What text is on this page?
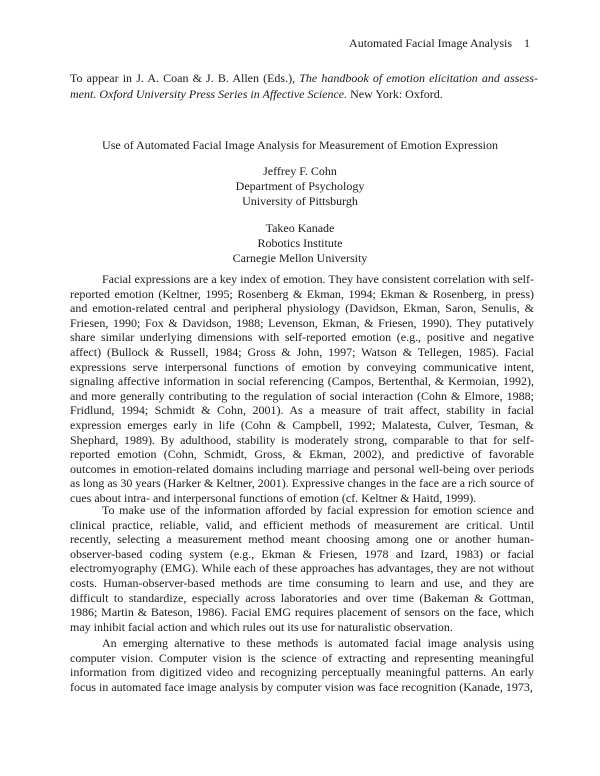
Automated Facial Image Analysis 1
To appear in J. A. Coan & J. B. Allen (Eds.), The handbook of emotion elicitation and assess-ment. Oxford University Press Series in Affective Science. New York: Oxford.
Use of Automated Facial Image Analysis for Measurement of Emotion Expression
Jeffrey F. Cohn
Department of Psychology
University of Pittsburgh
Takeo Kanade
Robotics Institute
Carnegie Mellon University

Facial expressions are a key index of emotion. They have consistent correlation with self-reported emotion (Keltner, 1995; Rosenberg & Ekman, 1994; Ekman & Rosenberg, in press) and emotion-related central and peripheral physiology (Davidson, Ekman, Saron, Senulis, & Friesen, 1990; Fox & Davidson, 1988; Levenson, Ekman, & Friesen, 1990). They putatively share similar underlying dimensions with self-reported emotion (e.g., positive and negative affect) (Bullock & Russell, 1984; Gross & John, 1997; Watson & Tellegen, 1985). Facial expressions serve interpersonal functions of emotion by conveying communicative intent, signaling affective information in social referencing (Campos, Bertenthal, & Kermoian, 1992), and more generally contributing to the regulation of social interaction (Cohn & Elmore, 1988; Fridlund, 1994; Schmidt & Cohn, 2001). As a measure of trait affect, stability in facial expression emerges early in life (Cohn & Campbell, 1992; Malatesta, Culver, Tesman, & Shephard, 1989). By adulthood, stability is moderately strong, comparable to that for self-reported emotion (Cohn, Schmidt, Gross, & Ekman, 2002), and predictive of favorable outcomes in emotion-related domains including marriage and personal well-being over periods as long as 30 years (Harker & Keltner, 2001). Expressive changes in the face are a rich source of cues about intra- and interpersonal functions of emotion (cf. Keltner & Haitd, 1999).

To make use of the information afforded by facial expression for emotion science and clinical practice, reliable, valid, and efficient methods of measurement are critical. Until recently, selecting a measurement method meant choosing among one or another human-observer-based coding system (e.g., Ekman & Friesen, 1978 and Izard, 1983) or facial electromyography (EMG). While each of these approaches has advantages, they are not without costs. Human-observer-based methods are time consuming to learn and use, and they are difficult to standardize, especially across laboratories and over time (Bakeman & Gottman, 1986; Martin & Bateson, 1986). Facial EMG requires placement of sensors on the face, which may inhibit facial action and which rules out its use for naturalistic observation.

An emerging alternative to these methods is automated facial image analysis using computer vision. Computer vision is the science of extracting and representing meaningful information from digitized video and recognizing perceptually meaningful patterns. An early focus in automated face image analysis by computer vision was face recognition (Kanade, 1973,
